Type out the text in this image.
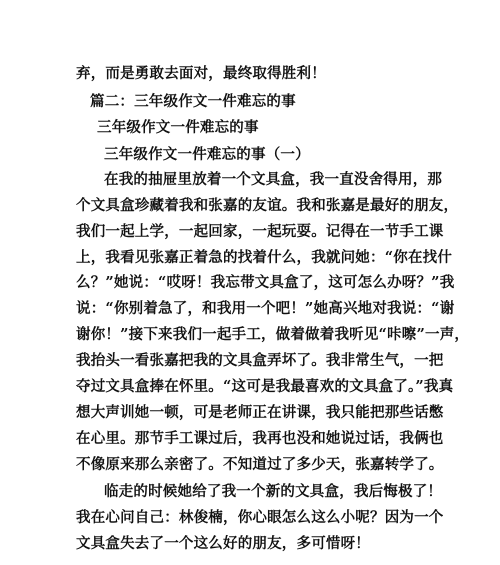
弃，而是勇敢去面对，最终取得胜利！
篇二：三年级作文一件难忘的事
三年级作文一件难忘的事
三年级作文一件难忘的事（一）
在我的抽屉里放着一个文具盒，我一直没舍得用，那
个文具盒珍藏着我和张嘉的友谊。我和张嘉是最好的朋友，
我们一起上学，一起回家，一起玩耍。记得在一节手工课
上，我看见张嘉正着急的找着什么，我就问她：“你在找什
么？”她说：“哎呀！我忘带文具盒了，这可怎么办呀？”我
说：“你别着急了，和我用一个吧！”她高兴地对我说：“谢
谢你！”接下来我们一起手工，做着做着我听见“咔嚓”一声，
我抬头一看张嘉把我的文具盒弄坏了。我非常生气，一把
夺过文具盒捧在怀里。“这可是我最喜欢的文具盒了。”我真
想大声训她一顿，可是老师正在讲课，我只能把那些话憋
在心里。那节手工课过后，我再也没和她说过话，我俩也
不像原来那么亲密了。不知道过了多少天，张嘉转学了。
临走的时候她给了我一个新的文具盒，我后悔极了！
我在心问自己：林俊楠，你心眼怎么这么小呢？因为一个
文具盒失去了一个这么好的朋友，多可惜呀！
